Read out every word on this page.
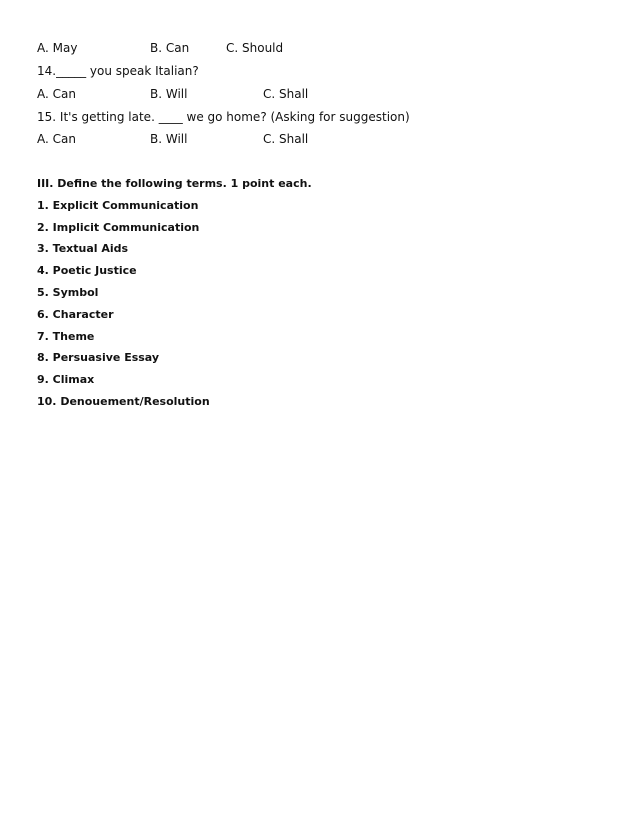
A. May	B. Can	C. Should
14._____ you speak Italian?
A. Can	B. Will	C. Shall
15. It's getting late. ____ we go home? (Asking for suggestion)
A. Can	B. Will	C. Shall
III. Define the following terms. 1 point each.
1. Explicit Communication
2. Implicit Communication
3. Textual Aids
4. Poetic Justice
5. Symbol
6. Character
7. Theme
8. Persuasive Essay
9. Climax
10. Denouement/Resolution
